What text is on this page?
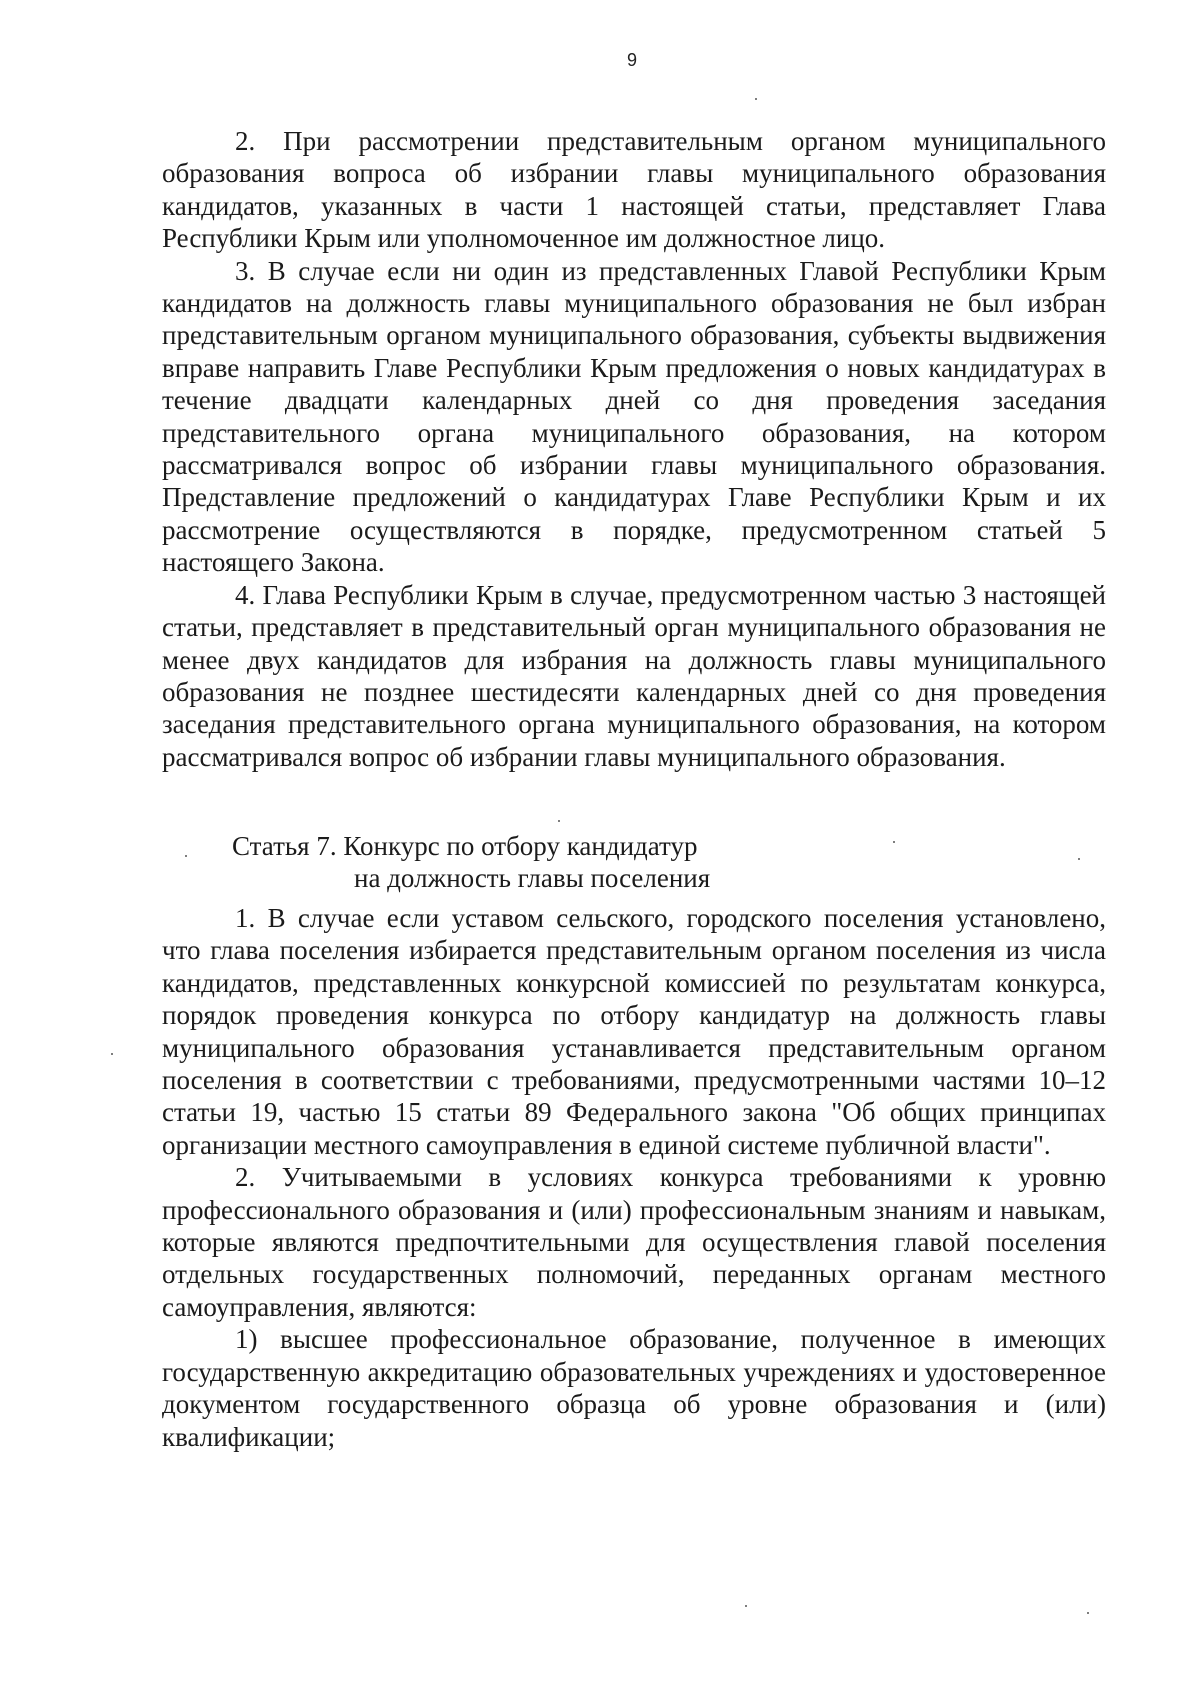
9

2. При рассмотрении представительным органом муниципального образования вопроса об избрании главы муниципального образования кандидатов, указанных в части 1 настоящей статьи, представляет Глава Республики Крым или уполномоченное им должностное лицо.

3. В случае если ни один из представленных Главой Республики Крым кандидатов на должность главы муниципального образования не был избран представительным органом муниципального образования, субъекты выдвижения вправе направить Главе Республики Крым предложения о новых кандидатурах в течение двадцати календарных дней со дня проведения заседания представительного органа муниципального образования, на котором рассматривался вопрос об избрании главы муниципального образования. Представление предложений о кандидатурах Главе Республики Крым и их рассмотрение осуществляются в порядке, предусмотренном статьей 5 настоящего Закона.

4. Глава Республики Крым в случае, предусмотренном частью 3 настоящей статьи, представляет в представительный орган муниципального образования не менее двух кандидатов для избрания на должность главы муниципального образования не позднее шестидесяти календарных дней со дня проведения заседания представительного органа муниципального образования, на котором рассматривался вопрос об избрании главы муниципального образования.

Статья 7. Конкурс по отбору кандидатур
на должность главы поселения

1. В случае если уставом сельского, городского поселения установлено, что глава поселения избирается представительным органом поселения из числа кандидатов, представленных конкурсной комиссией по результатам конкурса, порядок проведения конкурса по отбору кандидатур на должность главы муниципального образования устанавливается представительным органом поселения в соответствии с требованиями, предусмотренными частями 10–12 статьи 19, частью 15 статьи 89 Федерального закона "Об общих принципах организации местного самоуправления в единой системе публичной власти".

2. Учитываемыми в условиях конкурса требованиями к уровню профессионального образования и (или) профессиональным знаниям и навыкам, которые являются предпочтительными для осуществления главой поселения отдельных государственных полномочий, переданных органам местного самоуправления, являются:

1) высшее профессиональное образование, полученное в имеющих государственную аккредитацию образовательных учреждениях и удостоверенное документом государственного образца об уровне образования и (или) квалификации;
